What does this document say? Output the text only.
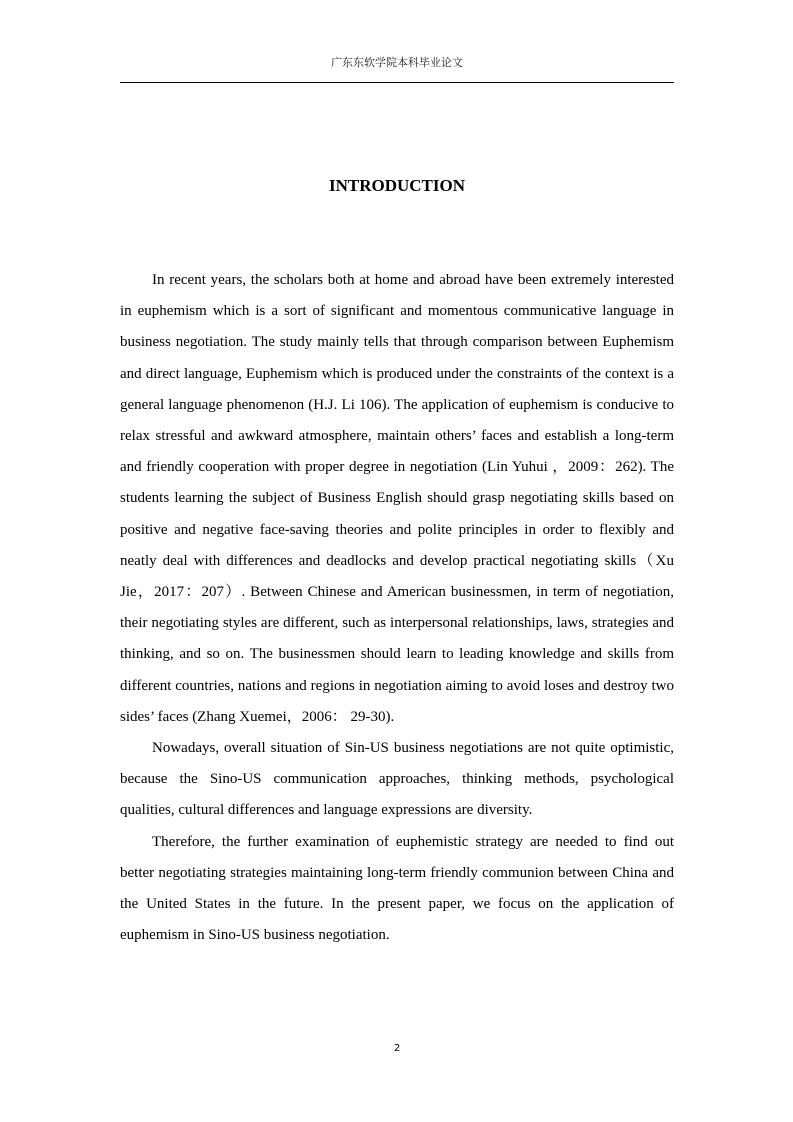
广东东软学院本科毕业论文
INTRODUCTION

In recent years, the scholars both at home and abroad have been extremely interested in euphemism which is a sort of significant and momentous communicative language in business negotiation. The study mainly tells that through comparison between Euphemism and direct language, Euphemism which is produced under the constraints of the context is a general language phenomenon (H.J. Li 106). The application of euphemism is conducive to relax stressful and awkward atmosphere, maintain others’ faces and establish a long-term and friendly cooperation with proper degree in negotiation (Lin Yuhui ，2009：262). The students learning the subject of Business English should grasp negotiating skills based on positive and negative face-saving theories and polite principles in order to flexibly and neatly deal with differences and deadlocks and develop practical negotiating skills（Xu Jie，2017：207）. Between Chinese and American businessmen, in term of negotiation, their negotiating styles are different, such as interpersonal relationships, laws, strategies and thinking, and so on. The businessmen should learn to leading knowledge and skills from different countries, nations and regions in negotiation aiming to avoid loses and destroy two sides’ faces (Zhang Xuemei，2006： 29-30).

Nowadays, overall situation of Sin-US business negotiations are not quite optimistic, because the Sino-US communication approaches, thinking methods, psychological qualities, cultural differences and language expressions are diversity.

Therefore, the further examination of euphemistic strategy are needed to find out better negotiating strategies maintaining long-term friendly communion between China and the United States in the future. In the present paper, we focus on the application of euphemism in Sino-US business negotiation.

2
